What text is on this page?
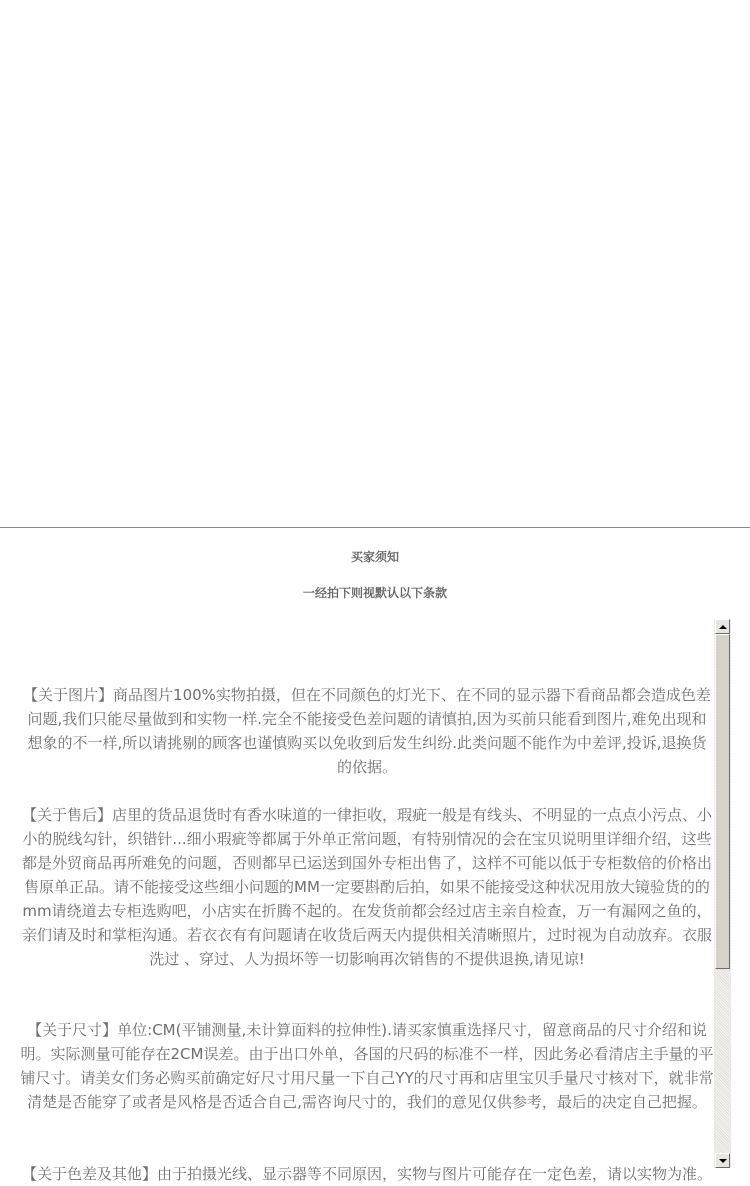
买家须知
一经拍下则视默认以下条款
【关于图片】商品图片100%实物拍摄，但在不同颜色的灯光下、在不同的显示器下看商品都会造成色差问题,我们只能尽量做到和实物一样.完全不能接受色差问题的请慎拍,因为买前只能看到图片,难免出现和想象的不一样,所以请挑剔的顾客也谨慎购买以免收到后发生纠纷.此类问题不能作为中差评,投诉,退换货的依据。
【关于售后】店里的货品退货时有香水味道的一律拒收，瑕疵一般是有线头、不明显的一点点小污点、小小的脱线勾针，织错针...细小瑕疵等都属于外单正常问题，有特别情况的会在宝贝说明里详细介绍，这些都是外贸商品再所难免的问题，否则都早已运送到国外专柜出售了，这样不可能以低于专柜数倍的价格出售原单正品。请不能接受这些细小问题的MM一定要斟酌后拍，如果不能接受这种状况用放大镜验货的的mm请绕道去专柜选购吧，小店实在折腾不起的。在发货前都会经过店主亲自检查，万一有漏网之鱼的，亲们请及时和掌柜沟通。若衣衣有有问题请在收货后两天内提供相关清晰照片，过时视为自动放弃。衣服洗过 、穿过、人为损坏等一切影响再次销售的不提供退换,请见谅!
【关于尺寸】单位:CM(平铺测量,未计算面料的拉伸性).请买家慎重选择尺寸，留意商品的尺寸介绍和说明。实际测量可能存在2CM误差。由于出口外单，各国的尺码的标准不一样，因此务必看清店主手量的平铺尺寸。请美女们务必购买前确定好尺寸用尺量一下自己YY的尺寸再和店里宝贝手量尺寸核对下，就非常清楚是否能穿了或者是风格是否适合自己,需咨询尺寸的，我们的意见仅供参考，最后的决定自己把握。
【关于色差及其他】由于拍摄光线、显示器等不同原因，实物与图片可能存在一定色差，请以实物为准。
